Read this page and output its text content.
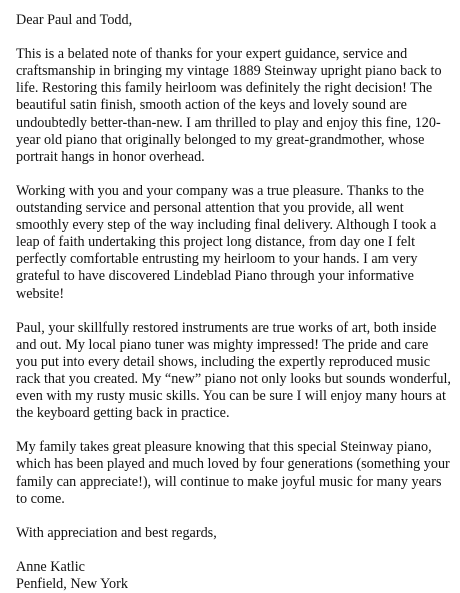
Dear Paul and Todd,

This is a belated note of thanks for your expert guidance, service and craftsmanship in bringing my vintage 1889 Steinway upright piano back to life. Restoring this family heirloom was definitely the right decision! The beautiful satin finish, smooth action of the keys and lovely sound are undoubtedly better-than-new. I am thrilled to play and enjoy this fine, 120-year old piano that originally belonged to my great-grandmother, whose portrait hangs in honor overhead.

Working with you and your company was a true pleasure. Thanks to the outstanding service and personal attention that you provide, all went smoothly every step of the way including final delivery. Although I took a leap of faith undertaking this project long distance, from day one I felt perfectly comfortable entrusting my heirloom to your hands. I am very grateful to have discovered Lindeblad Piano through your informative website!

Paul, your skillfully restored instruments are true works of art, both inside and out. My local piano tuner was mighty impressed! The pride and care you put into every detail shows, including the expertly reproduced music rack that you created. My “new” piano not only looks but sounds wonderful, even with my rusty music skills. You can be sure I will enjoy many hours at the keyboard getting back in practice.

My family takes great pleasure knowing that this special Steinway piano, which has been played and much loved by four generations (something your family can appreciate!), will continue to make joyful music for many years to come.

With appreciation and best regards,

Anne Katlic
Penfield, New York
